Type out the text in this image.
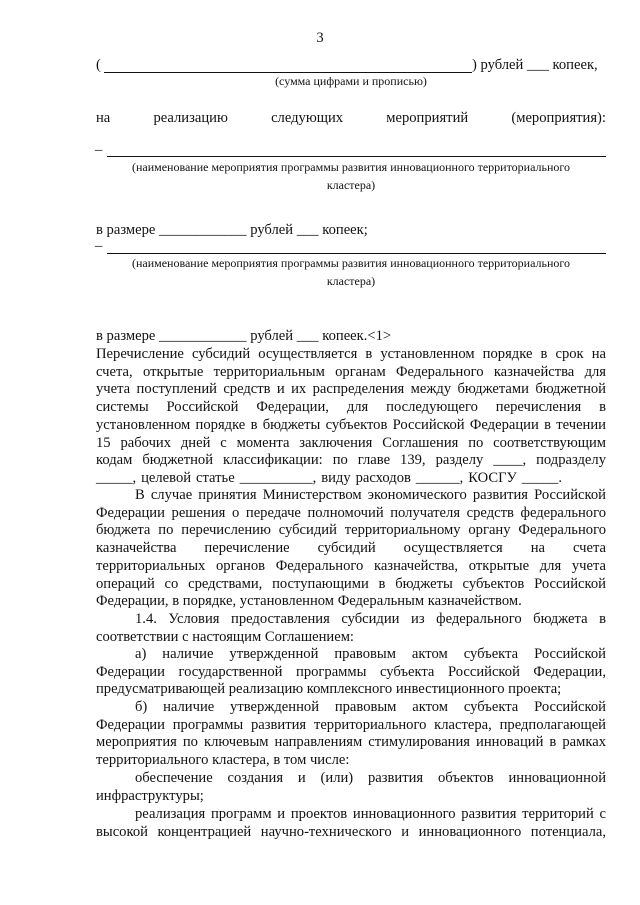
3
(	) рублей ___ копеек,
(сумма цифрами и прописью)
на	реализацию	следующих	мероприятий	(мероприятия):
–
(наименование мероприятия программы развития инновационного территориального
кластера)
в размере ____________ рублей ___ копеек;
–
(наименование мероприятия программы развития инновационного территориального
кластера)
в размере ____________ рублей ___ копеек.<1>
Перечисление субсидий осуществляется в установленном порядке в срок на
счета, открытые территориальным органам Федерального казначейства для
учета поступлений средств и их распределения между бюджетами бюджетной
системы Российской Федерации, для последующего перечисления в
установленном порядке в бюджеты субъектов Российской Федерации в течении
15 рабочих дней с момента заключения Соглашения по соответствующим
кодам бюджетной классификации: по главе 139, разделу ____, подразделу
_____, целевой статье __________, виду расходов ______, КОСГУ _____.
В случае принятия Министерством экономического развития Российской
Федерации решения о передаче полномочий получателя средств федерального
бюджета по перечислению субсидий территориальному органу Федерального
казначейства перечисление субсидий осуществляется на счета
территориальных органов Федерального казначейства, открытые для учета
операций со средствами, поступающими в бюджеты субъектов Российской
Федерации, в порядке, установленном Федеральным казначейством.
1.4. Условия предоставления субсидии из федерального бюджета в
соответствии с настоящим Соглашением:
а) наличие утвержденной правовым актом субъекта Российской
Федерации государственной программы субъекта Российской Федерации,
предусматривающей реализацию комплексного инвестиционного проекта;
б) наличие утвержденной правовым актом субъекта Российской
Федерации программы развития территориального кластера, предполагающей
мероприятия по ключевым направлениям стимулирования инноваций в рамках
территориального кластера, в том числе:
обеспечение создания и (или) развития объектов инновационной
инфраструктуры;
реализация программ и проектов инновационного развития территорий с
высокой концентрацией научно-технического и инновационного потенциала,
